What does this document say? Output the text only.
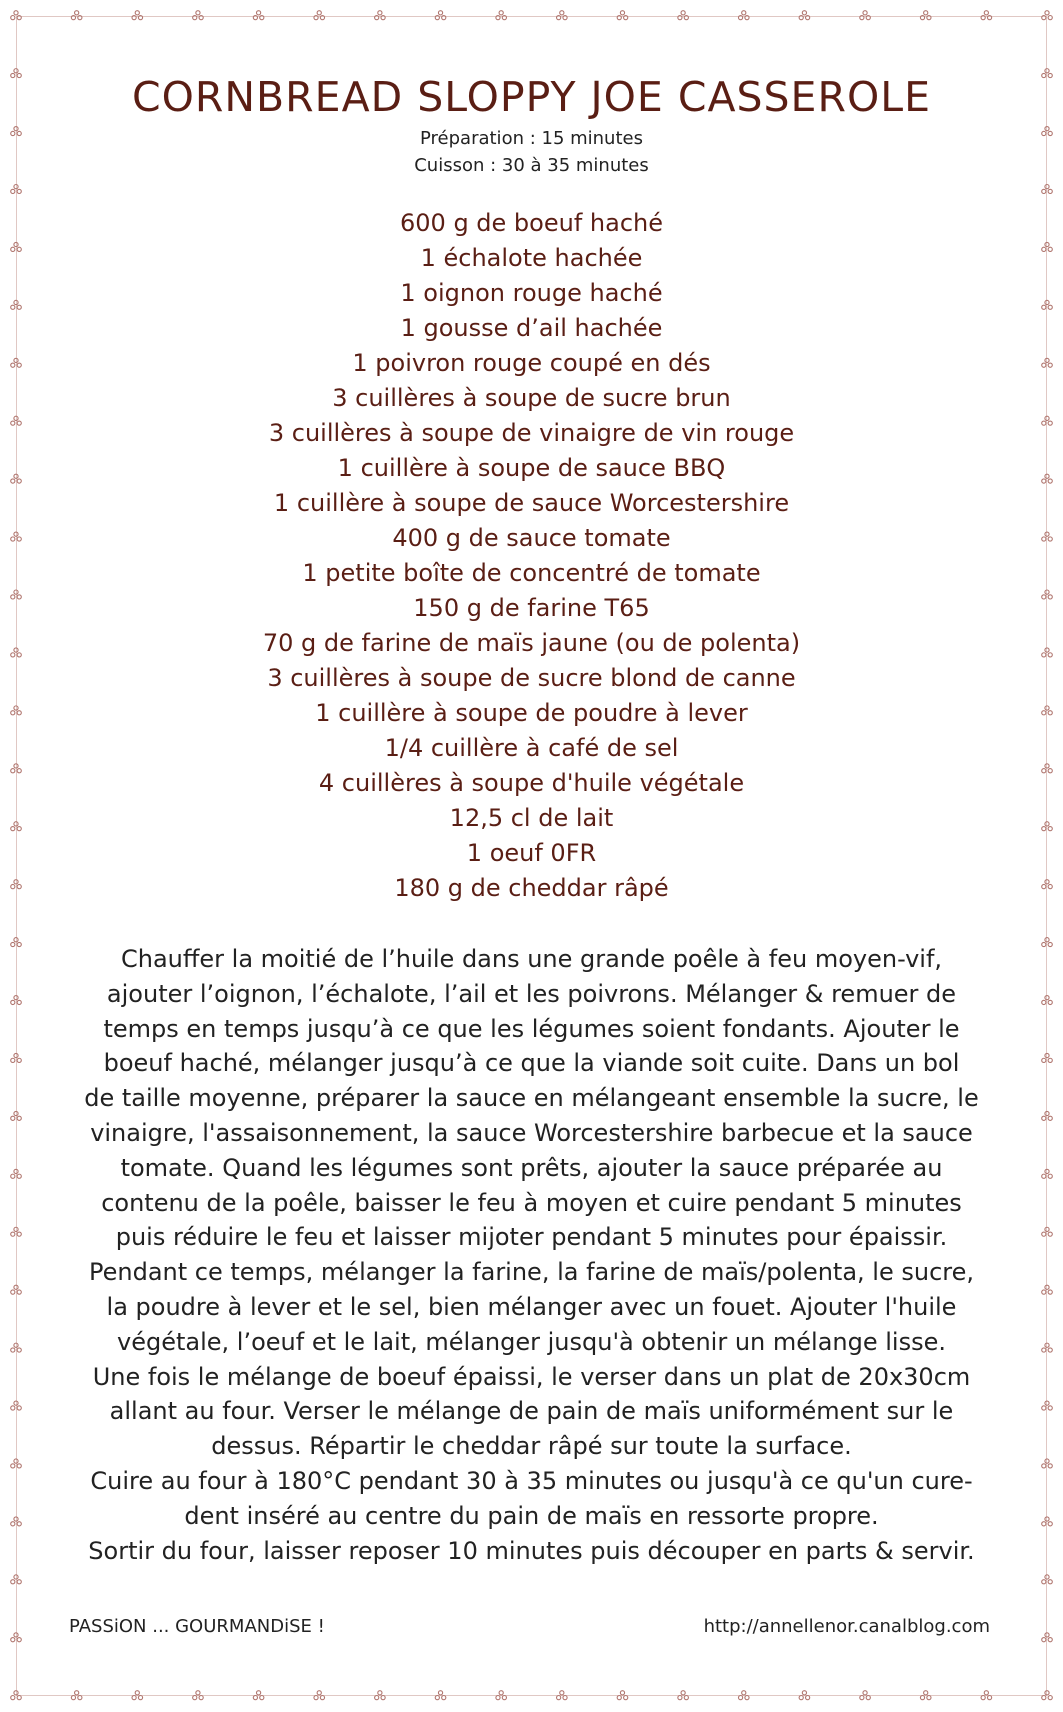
CORNBREAD SLOPPY JOE CASSEROLE
Préparation : 15 minutes
Cuisson : 30 à 35 minutes
600 g de boeuf haché
1 échalote hachée
1 oignon rouge haché
1 gousse d’ail hachée
1 poivron rouge coupé en dés
3 cuillères à soupe de sucre brun
3 cuillères à soupe de vinaigre de vin rouge
1 cuillère à soupe de sauce BBQ
1 cuillère à soupe de sauce Worcestershire
400 g de sauce tomate
1 petite boîte de concentré de tomate
150 g de farine T65
70 g de farine de maïs jaune (ou de polenta)
3 cuillères à soupe de sucre blond de canne
1 cuillère à soupe de poudre à lever
1/4 cuillère à café de sel
4 cuillères à soupe d'huile végétale
12,5 cl de lait
1 oeuf 0FR
180 g de cheddar râpé
Chauffer la moitié de l’huile dans une grande poêle à feu moyen-vif,
ajouter l’oignon, l’échalote, l’ail et les poivrons. Mélanger & remuer de
temps en temps jusqu’à ce que les légumes soient fondants. Ajouter le
boeuf haché, mélanger jusqu’à ce que la viande soit cuite. Dans un bol
de taille moyenne, préparer la sauce en mélangeant ensemble la sucre, le
vinaigre, l'assaisonnement, la sauce Worcestershire barbecue et la sauce
tomate. Quand les légumes sont prêts, ajouter la sauce préparée au
contenu de la poêle, baisser le feu à moyen et cuire pendant 5 minutes
puis réduire le feu et laisser mijoter pendant 5 minutes pour épaissir.
Pendant ce temps, mélanger la farine, la farine de maïs/polenta, le sucre,
la poudre à lever et le sel, bien mélanger avec un fouet. Ajouter l'huile
végétale, l’oeuf et le lait, mélanger jusqu'à obtenir un mélange lisse.
Une fois le mélange de boeuf épaissi, le verser dans un plat de 20x30cm
allant au four. Verser le mélange de pain de maïs uniformément sur le
dessus. Répartir le cheddar râpé sur toute la surface.
Cuire au four à 180°C pendant 30 à 35 minutes ou jusqu'à ce qu'un cure-
dent inséré au centre du pain de maïs en ressorte propre.
Sortir du four, laisser reposer 10 minutes puis découper en parts & servir.
PASSiON ... GOURMANDiSE !	http://annellenor.canalblog.com
